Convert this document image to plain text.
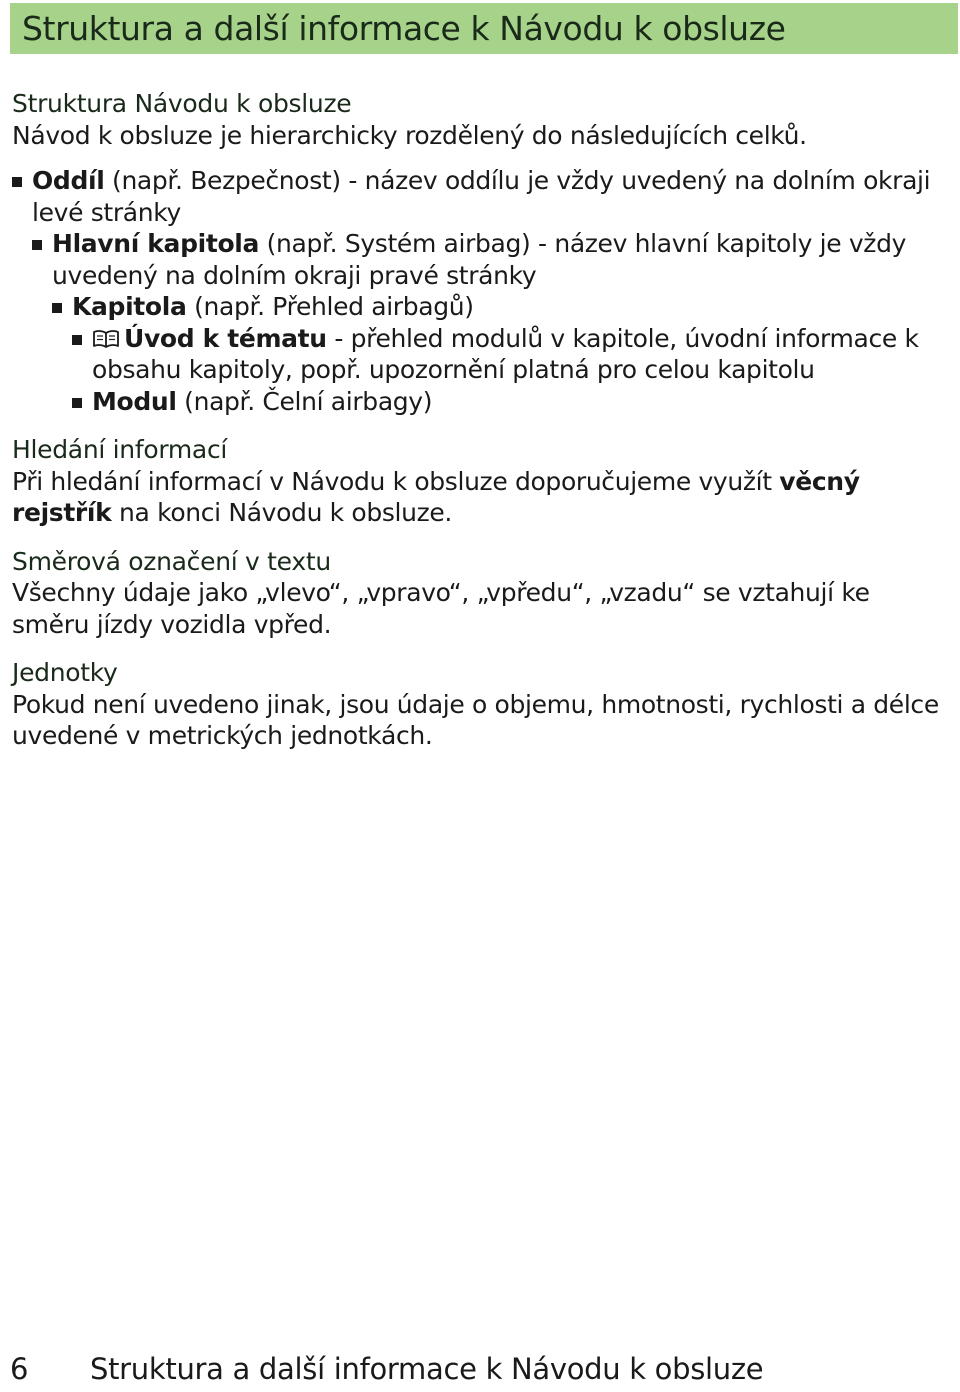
Struktura a další informace k Návodu k obsluze
Struktura Návodu k obsluze
Návod k obsluze je hierarchicky rozdělený do následujících celků.
Oddíl (např. Bezpečnost) - název oddílu je vždy uvedený na dolním okraji levé stránky
Hlavní kapitola (např. Systém airbag) - název hlavní kapitoly je vždy uvedený na dolním okraji pravé stránky
Kapitola (např. Přehled airbagů)
Úvod k tématu - přehled modulů v kapitole, úvodní informace k obsahu kapitoly, popř. upozornění platná pro celou kapitolu
Modul (např. Čelní airbagy)
Hledání informací
Při hledání informací v Návodu k obsluze doporučujeme využít věcný rejstřík na konci Návodu k obsluze.
Směrová označení v textu
Všechny údaje jako „vlevo“, „vpravo“, „vpředu“, „vzadu“ se vztahují ke směru jízdy vozidla vpřed.
Jednotky
Pokud není uvedeno jinak, jsou údaje o objemu, hmotnosti, rychlosti a délce uvedené v metrických jednotkách.
6 Struktura a další informace k Návodu k obsluze
